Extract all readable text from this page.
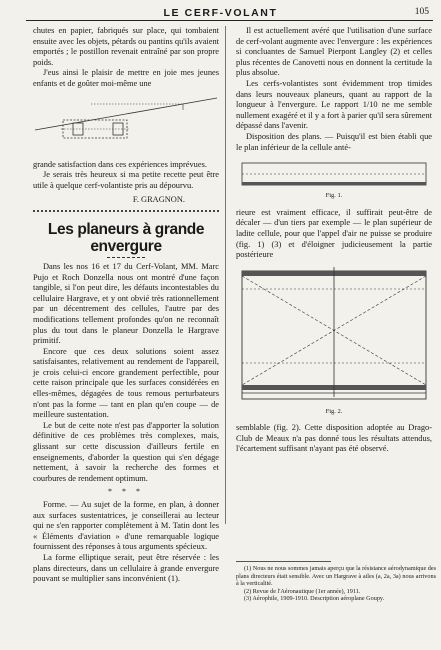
LE CERF-VOLANT	105

chutes en papier, fabriqués sur place, qui tombaient ensuite avec les objets, pétards ou pantins qu'ils avaient emportés ; le postillon revenait entraîné par son propre poids.

J'eus ainsi le plaisir de mettre en joie mes jeunes enfants et de goûter moi-même une

grande satisfaction dans ces expériences imprévues.

Je serais très heureux si ma petite recette peut être utile à quelque cerf-volantiste pris au dépourvu.

F. GRAGNON.

Les planeurs à grande envergure

Dans les nos 16 et 17 du Cerf-Volant, MM. Marc Pujo et Roch Donzella nous ont montré d'une façon tangible, si l'on peut dire, les défauts incontestables du cellulaire Hargrave, et y ont obvié très rationnellement par un décentrement des cellules, l'autre par des modifications tellement profondes qu'on ne reconnaît plus du tout dans le planeur Donzella le Hargrave primitif.

Encore que ces deux solutions soient assez satisfaisantes, relativement au rendement de l'appareil, je crois celui-ci encore grandement perfectible, pour cette raison principale que les surfaces considérées en elles-mêmes, dégagées de tous remous perturbateurs n'ont pas la forme — tant en plan qu'en coupe — de meilleure sustentation.

Le but de cette note n'est pas d'apporter la solution définitive de ces problèmes très complexes, mais, glissant sur cette discussion d'ailleurs fertile en enseignements, d'aborder la question qui s'en dégage nettement, à savoir la recherche des formes et courbures de rendement optimum.

* * *

Forme. — Au sujet de la forme, en plan, à donner aux surfaces sustentatrices, je conseillerai au lecteur qui ne s'en rapporter complètement à M. Tatin dont les « Éléments d'aviation » d'une remarquable logique fournissent des réponses à tous arguments spécieux.

La forme elliptique serait, peut être réservée : les plans directeurs, dans un cellulaire à grande envergure pouvant se multiplier sans inconvénient (1).

Il est actuellement avéré que l'utilisation d'une surface de cerf-volant augmente avec l'envergure : les expériences si concluantes de Samuel Pierpont Langley (2) et celles plus récentes de Canovetti nous en donnent la certitude la plus absolue.

Les cerfs-volantistes sont évidemment trop timides dans leurs nouveaux planeurs, quant au rapport de la longueur à l'envergure. Le rapport 1/10 ne me semble nullement exagéré et il y a fort à parier qu'il sera sûrement dépassé dans l'avenir.

Disposition des plans. — Puisqu'il est bien établi que le plan inférieur de la cellule anté-

Fig. 1.

rieure est vraiment efficace, il suffirait peut-être de décaler — d'un tiers par exemple — le plan supérieur de ladite cellule, pour que l'appel d'air ne puisse se produire (fig. 1) (3) et d'éloigner judicieusement la partie postérieure

Fig. 2.

semblable (fig. 2). Cette disposition adoptée au Drago-Club de Meaux n'a pas donné tous les résultats attendus, l'écartement suffisant n'ayant pas été observé.

(1) Nous ne nous sommes jamais aperçu que la résistance aérodynamique des plans directeurs était sensible. Avec un Hargrave à ailes (a, 2a, 3a) nous arrivons à la verticalité.

(2) Revue de l'Aéronautique (1er année), 1911.

(3) Aérophile, 1909-1910. Description aéroplane Goupy.
